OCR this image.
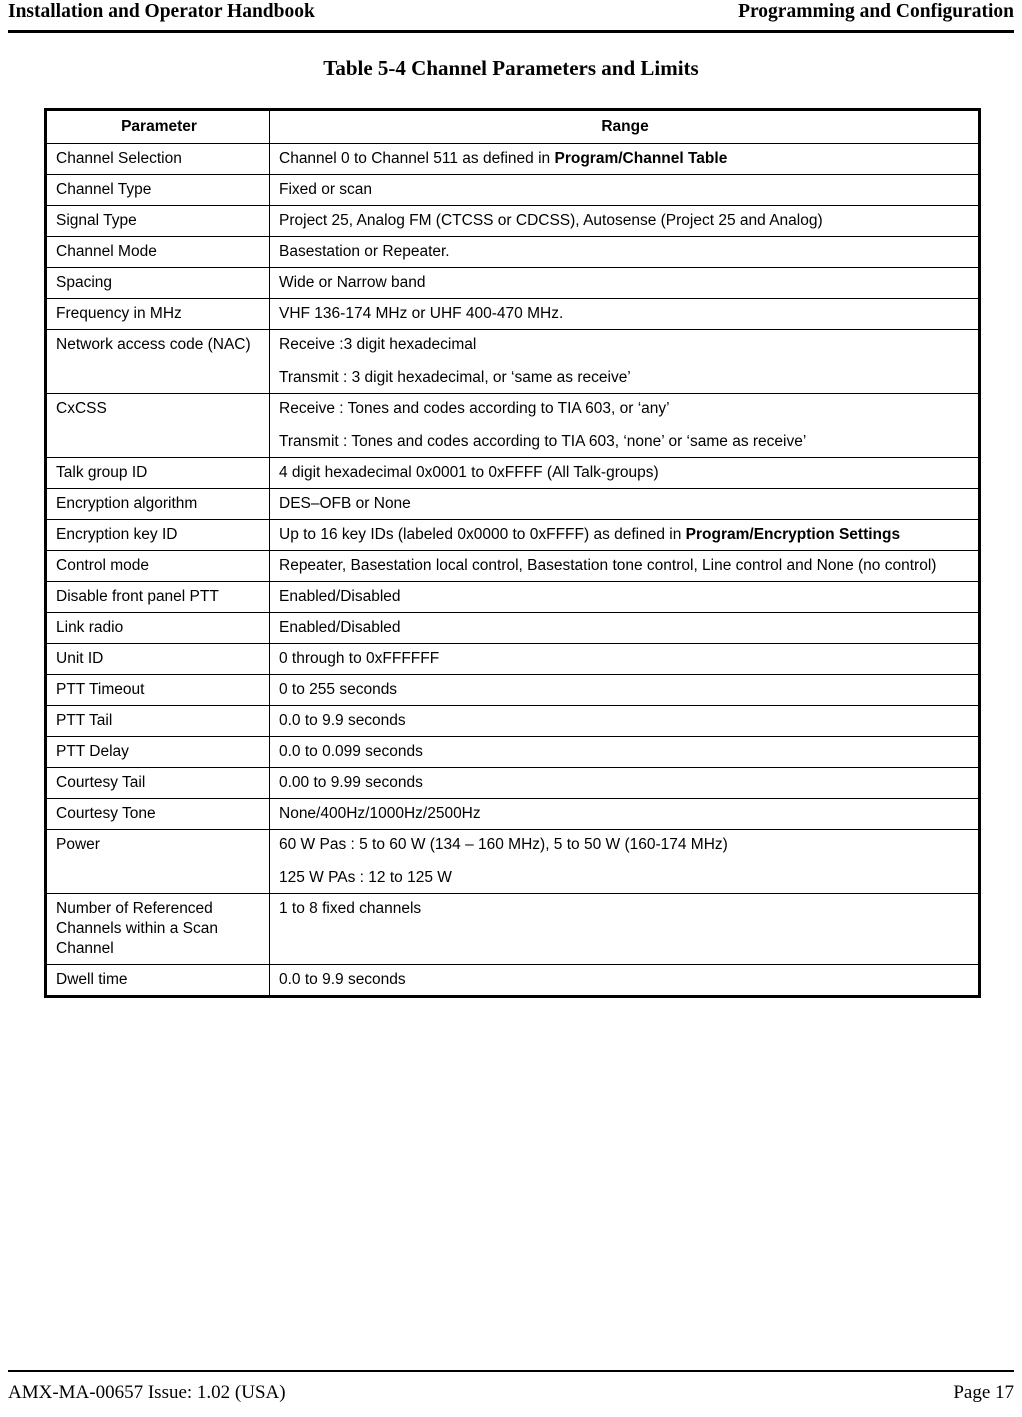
Installation and Operator Handbook	Programming and Configuration
Table 5-4 Channel Parameters and Limits
Parameter	Range
Channel Selection	Channel 0 to Channel 511 as defined in Program/Channel Table

Channel Type	Fixed or scan

Signal Type	Project 25, Analog FM (CTCSS or CDCSS), Autosense (Project 25 and Analog)

Channel Mode	Basestation or Repeater.

Spacing	Wide or Narrow band

Frequency in MHz	VHF 136-174 MHz or UHF 400-470 MHz.

Network access code (NAC)	Receive :3 digit hexadecimal
Transmit : 3 digit hexadecimal, or ‘same as receive’

CxCSS	Receive : Tones and codes according to TIA 603, or ‘any’
Transmit : Tones and codes according to TIA 603, ‘none’ or ‘same as receive’

Talk group ID	4 digit hexadecimal 0x0001 to 0xFFFF (All Talk-groups)

Encryption algorithm	DES–OFB or None

Encryption key ID	Up to 16 key IDs (labeled 0x0000 to 0xFFFF) as defined in Program/Encryption Settings

Control mode	Repeater, Basestation local control, Basestation tone control, Line control and None (no control)

Disable front panel PTT	Enabled/Disabled

Link radio	Enabled/Disabled

Unit ID	0 through to 0xFFFFFF

PTT Timeout	0 to 255 seconds

PTT Tail	0.0 to 9.9 seconds

PTT Delay	0.0 to 0.099 seconds

Courtesy Tail	0.00 to 9.99 seconds

Courtesy Tone	None/400Hz/1000Hz/2500Hz

Power	60 W Pas : 5 to 60 W (134 – 160 MHz), 5 to 50 W (160-174 MHz)
125 W PAs : 12 to 125 W

Number of Referenced Channels within a Scan Channel	1 to 8 fixed channels

Dwell time	0.0 to 9.9 seconds
AMX-MA-00657 Issue: 1.02 (USA)	Page 17
